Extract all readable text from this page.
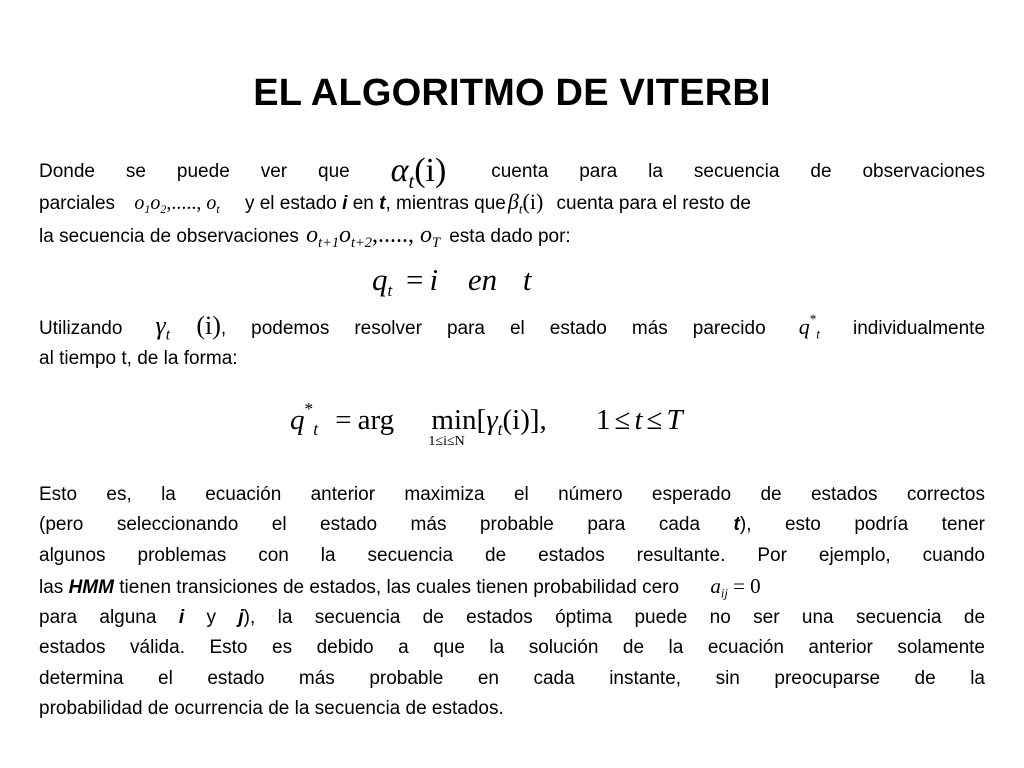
EL ALGORITMO DE VITERBI
Donde se puede ver que $\alpha_t(i)$ cuenta para la secuencia de observaciones
parciales $o_1o_2$,....., $o_t$ y el estado i en t, mientras queβ$_t$(i) cuenta para el resto de
la secuencia de observaciones $o_{t+1}o_{t+2}$,....., $o_T$ esta dado por:
$q_t = i$ en t
Utilizando $\gamma_t$ (i), podemos resolver para el estado más parecido $q^*_t$ individualmente
al tiempo t, de la forma:
$q^*_t$ = arg min
1≤i≤N
$[\gamma_t(i)]$, 1 ≤ t ≤ T
Esto es, la ecuación anterior maximiza el número esperado de estados correctos
(pero seleccionando el estado más probable para cada t), esto podría tener
algunos problemas con la secuencia de estados resultante. Por ejemplo, cuando
las HMM tienen transiciones de estados, las cuales tienen probabilidad cero $a_{ij} = 0$
para alguna i y j), la secuencia de estados óptima puede no ser una secuencia de
estados válida. Esto es debido a que la solución de la ecuación anterior solamente
determina el estado más probable en cada instante, sin preocuparse de la
probabilidad de ocurrencia de la secuencia de estados.
